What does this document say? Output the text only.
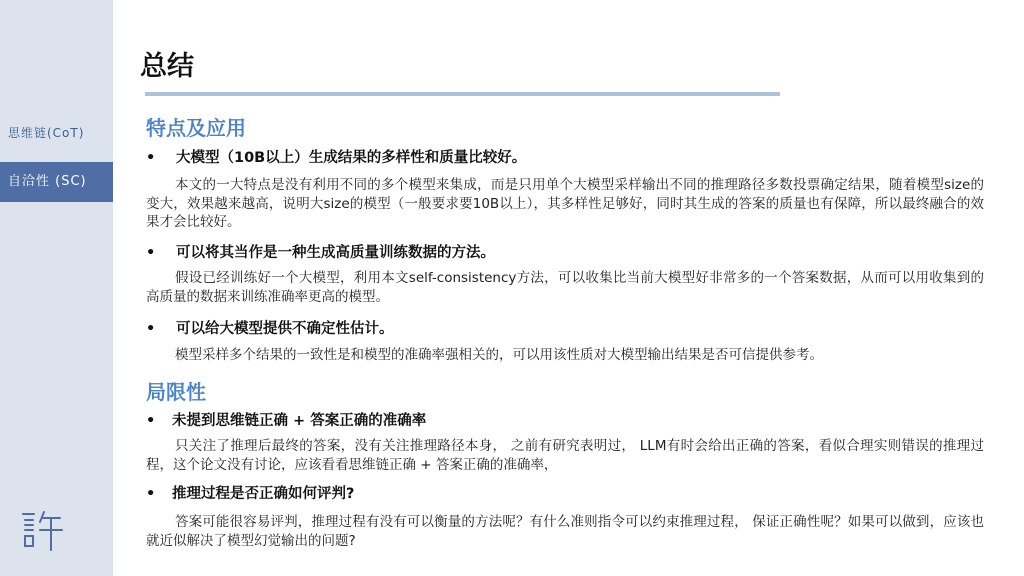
思维链(CoT)
自洽性 (SC)
总结
特点及应用
• 大模型（10B以上）生成结果的多样性和质量比较好。
本文的一大特点是没有利用不同的多个模型来集成，而是只用单个大模型采样输出不同的推理路径多数投票确定结果，随着模型size的变大，效果越来越高，说明大size的模型（一般要求要10B以上），其多样性足够好，同时其生成的答案的质量也有保障，所以最终融合的效果才会比较好。
• 可以将其当作是一种生成高质量训练数据的方法。
假设已经训练好一个大模型，利用本文self-consistency方法，可以收集比当前大模型好非常多的一个答案数据，从而可以用收集到的高质量的数据来训练准确率更高的模型。
• 可以给大模型提供不确定性估计。
模型采样多个结果的一致性是和模型的准确率强相关的，可以用该性质对大模型输出结果是否可信提供参考。
局限性
• 未提到思维链正确 + 答案正确的准确率
只关注了推理后最终的答案，没有关注推理路径本身， 之前有研究表明过， LLM有时会给出正确的答案，看似合理实则错误的推理过程，这个论文没有讨论，应该看看思维链正确 + 答案正确的准确率，
• 推理过程是否正确如何评判?
答案可能很容易评判，推理过程有没有可以衡量的方法呢？有什么准则指令可以约束推理过程， 保证正确性呢？如果可以做到，应该也就近似解决了模型幻觉输出的问题?
